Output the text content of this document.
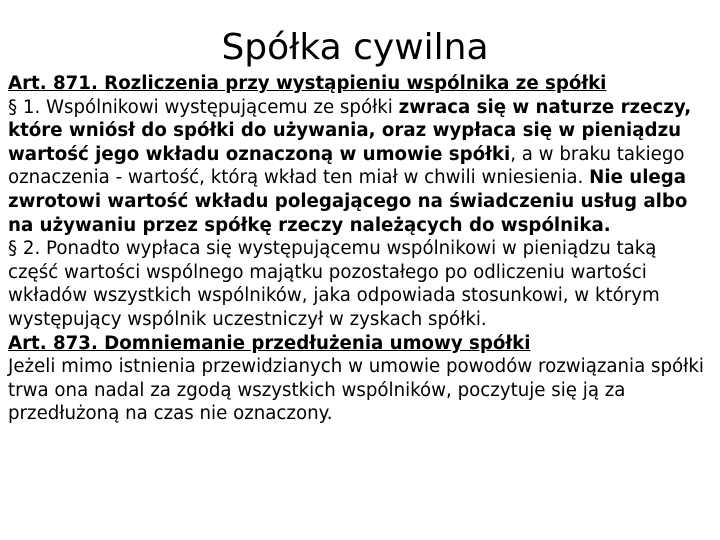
Spółka cywilna

Art. 871. Rozliczenia przy wystąpieniu wspólnika ze spółki

§ 1. Wspólnikowi występującemu ze spółki zwraca się w naturze rzeczy, które wniósł do spółki do używania, oraz wypłaca się w pieniądzu wartość jego wkładu oznaczoną w umowie spółki, a w braku takiego oznaczenia - wartość, którą wkład ten miał w chwili wniesienia. Nie ulega zwrotowi wartość wkładu polegającego na świadczeniu usług albo na używaniu przez spółkę rzeczy należących do wspólnika.

§ 2. Ponadto wypłaca się występującemu wspólnikowi w pieniądzu taką część wartości wspólnego majątku pozostałego po odliczeniu wartości wkładów wszystkich wspólników, jaka odpowiada stosunkowi, w którym występujący wspólnik uczestniczył w zyskach spółki.

Art. 873. Domniemanie przedłużenia umowy spółki

Jeżeli mimo istnienia przewidzianych w umowie powodów rozwiązania spółki trwa ona nadal za zgodą wszystkich wspólników, poczytuje się ją za przedłużoną na czas nie oznaczony.
